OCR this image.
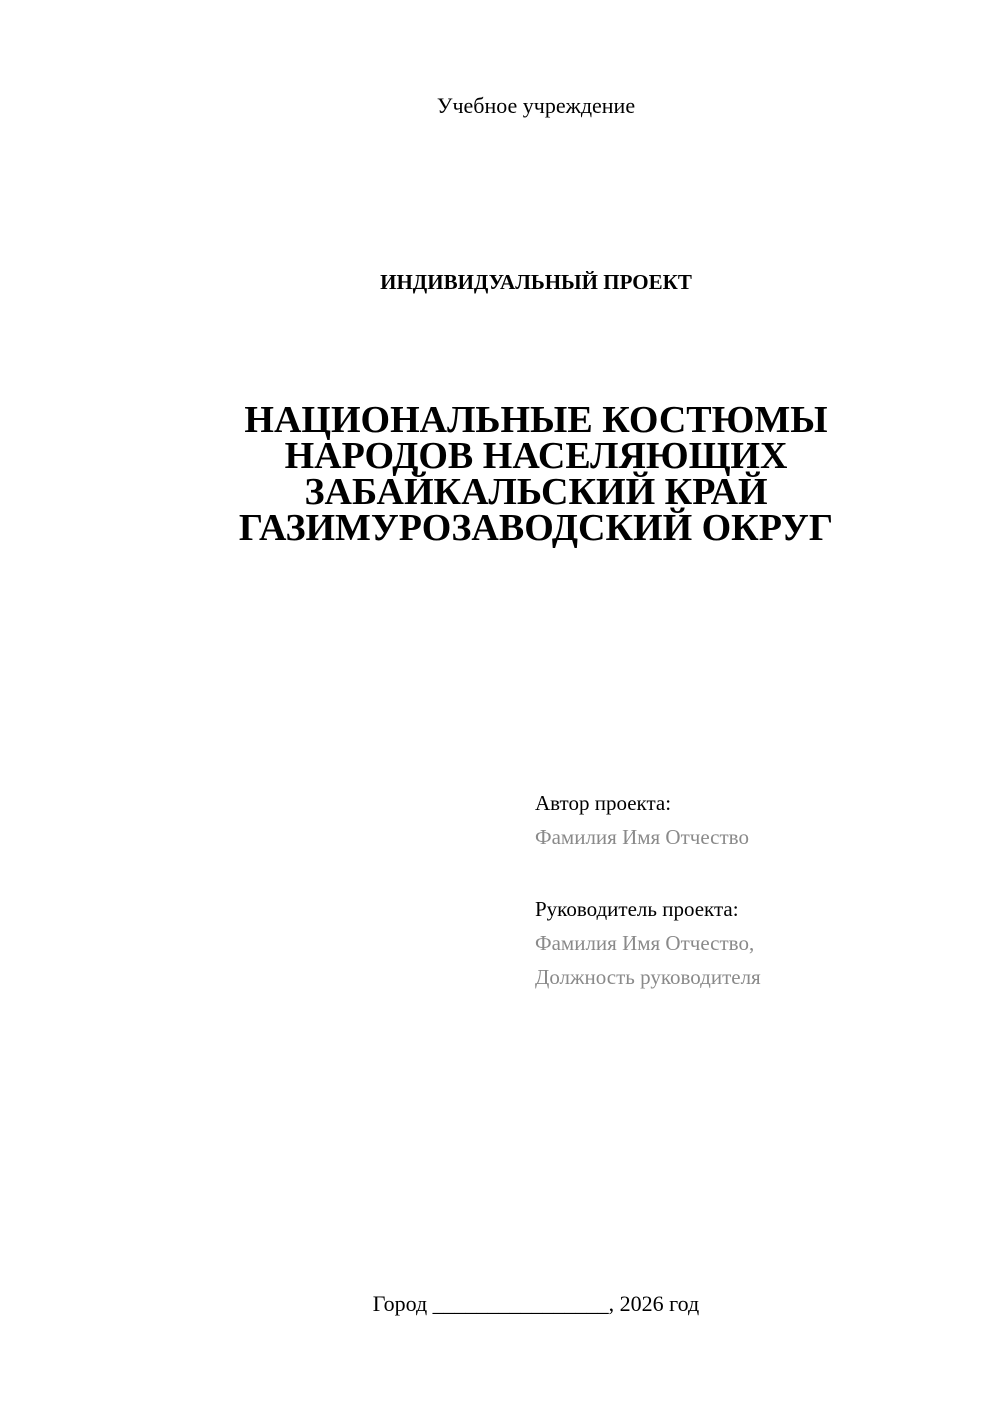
Учебное учреждение
ИНДИВИДУАЛЬНЫЙ ПРОЕКТ
НАЦИОНАЛЬНЫЕ КОСТЮМЫ
НАРОДОВ НАСЕЛЯЮЩИХ
ЗАБАЙКАЛЬСКИЙ КРАЙ
ГАЗИМУРОЗАВОДСКИЙ ОКРУГ
Автор проекта:
Фамилия Имя Отчество
Руководитель проекта:
Фамилия Имя Отчество,
Должность руководителя
Город ________________, 2026 год
